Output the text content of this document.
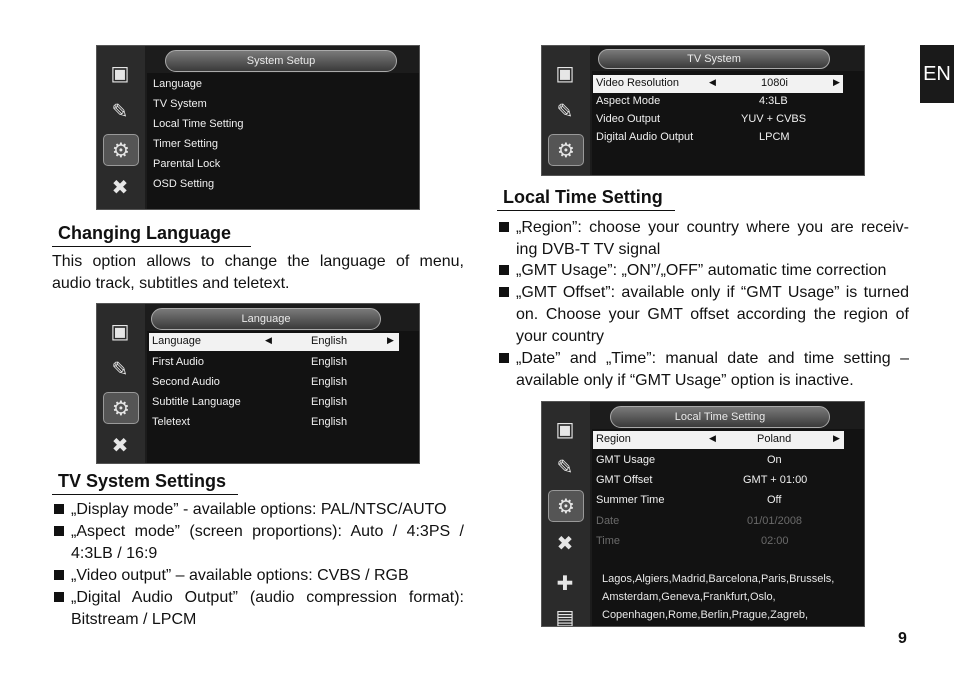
▣
✎
⚙
✖
System Setup
Language
TV System
Local Time Setting
Timer Setting
Parental Lock
OSD Setting
Changing Language
This option allows to change the language of menu,
audio track, subtitles and teletext.
▣
✎
⚙
✖
Language
Language	◀	English	▶
First Audio	English
Second Audio	English
Subtitle Language	English
Teletext	English
TV System Settings
„Display mode” - available options: PAL/NTSC/AUTO
„Aspect mode” (screen proportions): Auto / 4:3PS /
4:3LB / 16:9
„Video output” – available options: CVBS / RGB
„Digital Audio Output” (audio compression format):
Bitstream / LPCM
▣
✎
⚙
TV System
Video Resolution	◀	1080i	▶
Aspect Mode	4:3LB
Video Output	YUV + CVBS
Digital Audio Output	LPCM
Local Time Setting
„Region”: choose your country where you are receiv-
ing DVB-T TV signal
„GMT Usage”: „ON”/„OFF” automatic time correction
„GMT Offset”: available only if “GMT Usage” is turned
on. Choose your GMT offset according the region of
your country
„Date” and „Time”: manual date and time setting –
available only if “GMT Usage” option is inactive.
▣
✎
⚙
✖
✚
▤
Local Time Setting
Region	◀	Poland	▶
GMT Usage	On
GMT Offset	GMT + 01:00
Summer Time	Off
Date	01/01/2008
Time	02:00
Lagos,Algiers,Madrid,Barcelona,Paris,Brussels,
Amsterdam,Geneva,Frankfurt,Oslo,
Copenhagen,Rome,Berlin,Prague,Zagreb,
EN
9
